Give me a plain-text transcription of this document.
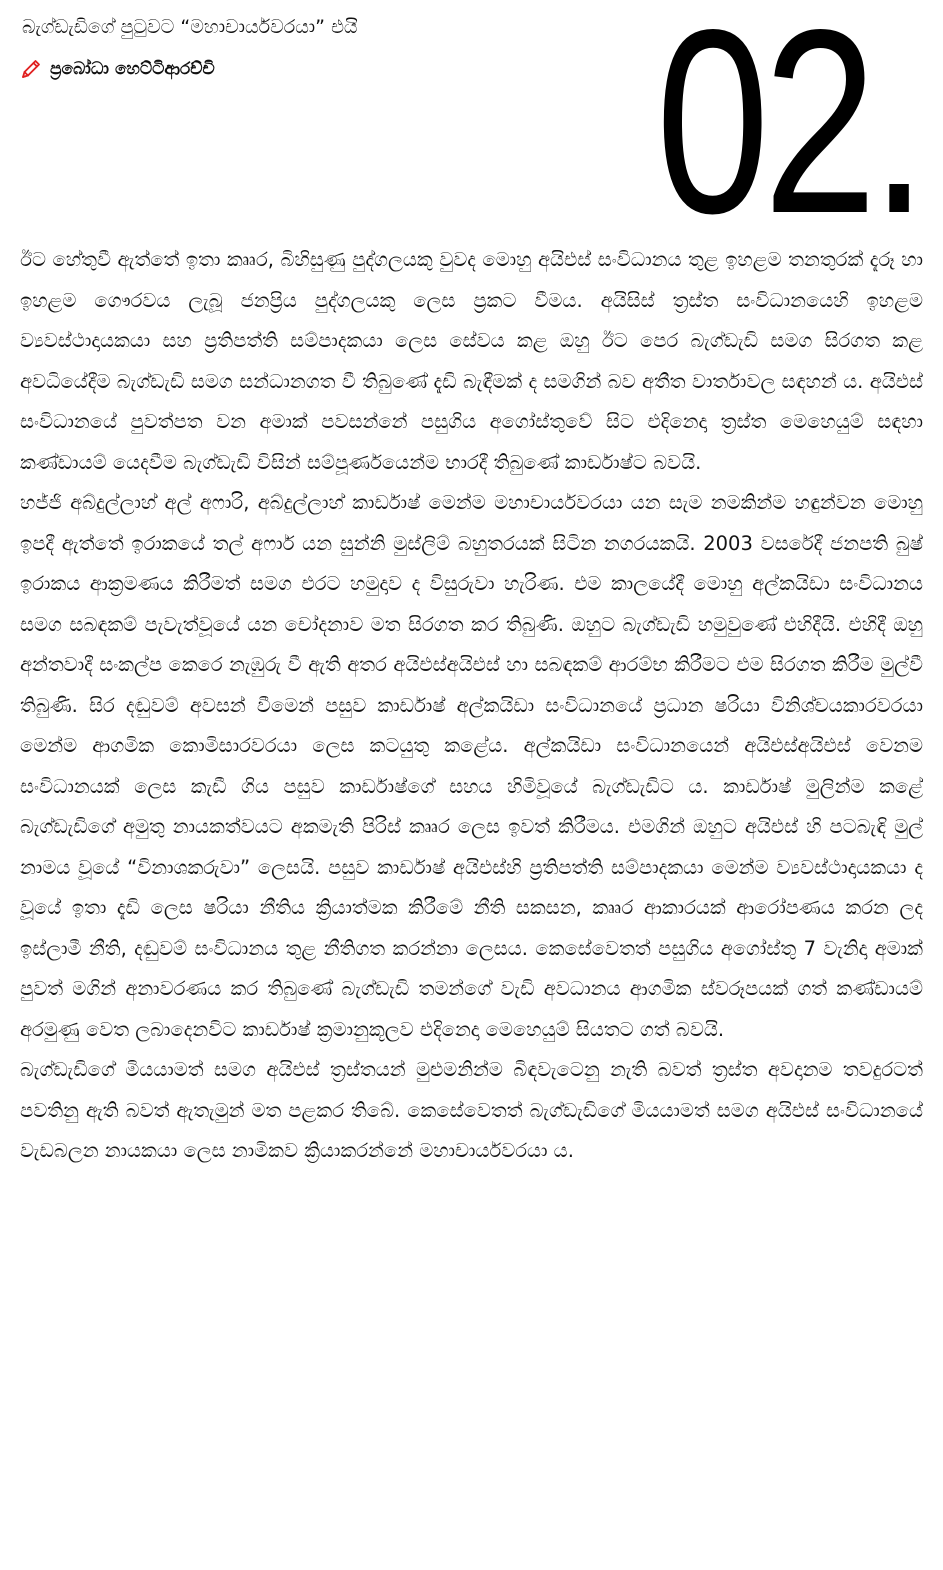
බැග්ඩැඩිගේ පුටුවට “මහාචාර්යවරයා” එයි
ප්‍රබෝධා හෙට්ටිආරච්චි 02.

ඊට හේතුවී ඇත්තේ ඉතා කෲර, බිහිසුණු පුද්ගලයකු වුවද මොහු අයිඑස් සංවිධානය තුළ ඉහළම තනතුරක් දැරූ හා ඉහළම ගෞරවය ලැබූ ජනප්‍රිය පුද්ගලයකු ලෙස ප්‍රකට වීමය. අයිසිස් ත්‍රස්ත සංවිධානයෙහි ඉහළම ව්‍යවස්ථාදායකයා සහ ප්‍රතිපත්ති සම්පාදකයා ලෙස සේවය කළ ඔහු ඊට පෙර බැග්ඩැඩි සමග සිරගත කළ අවධියේදීම බැග්ඩැඩි සමග සන්ධානගත වී තිබුණේ දැඩි බැඳීමක් ද සමගින් බව අතීත වාර්තාවල සඳහන් ය. අයිඑස් සංවිධානයේ පුවත්පත වන අමාක් පවසන්නේ පසුගිය අගෝස්තුවේ සිට එදිනෙදා ත්‍රස්ත මෙහෙයුම් සඳහා කණ්ඩායම් යෙදවීම බැග්ඩැඩි විසින් සම්පූර්ණයෙන්ම භාරදී තිබුණේ කාර්ඩාෂ්ට බවයි.

හජ්ජි අබ්දුල්ලාහ් අල් අෆාරි, අබ්දුල්ලාහ් කාර්ඩාෂ් මෙන්ම මහාචාර්යවරයා යන සැම නමකින්ම හඳුන්වන මොහු ඉපදී ඇත්තේ ඉරාකයේ තල් අෆාර් යන සුන්නි මුස්ලිම් බහුතරයක් සිටින නගරයකයි. 2003 වසරේදී ජනපති බුෂ් ඉරාකය ආක්‍රමණය කිරීමත් සමග එරට හමුදාව ද විසුරුවා හැරිණ. එම කාලයේදී මොහු අල්කයිඩා සංවිධානය සමග සබඳකම් පැවැත්වූයේ යන චෝදනාව මත සිරගත කර තිබුණි. ඔහුට බැග්ඩැඩි හමුවුණේ එහිදීයි. එහිදී ඔහු අන්තවාදී සංකල්ප කෙරෙ නැඹුරු වී ඇති අතර අයිඑස්අයිඑස් හා සබඳකම් ආරම්භ කිරීමට එම සිරගත කිරීම මුල්වී තිබුණි. සිර දඬුවම් අවසන් වීමෙන් පසුව කාර්ඩාෂ් අල්කයිඩා සංවිධානයේ ප්‍රධාන ෂරියා විනිශ්චයකාරවරයා මෙන්ම ආගමික කොමිසාරවරයා ලෙස කටයුතු කළේය. අල්කයිඩා සංවිධානයෙන් අයිඑස්අයිඑස් වෙනම සංවිධානයක් ලෙස කැඩී ගිය පසුව කාර්ඩාෂ්ගේ සහය හිමිවූයේ බැග්ඩැඩිට ය. කාර්ඩාෂ් මුලින්ම කළේ බැග්ඩැඩිගේ අමුතු නායකත්වයට අකමැති පිරිස් කෲර ලෙස ඉවත් කිරීමය. එමගින් ඔහුට අයිඑස් හි පටබැඳි මුල් නාමය වූයේ “විනාශකරුවා” ලෙසයි. පසුව කාර්ඩාෂ් අයිඑස්හි ප්‍රතිපත්ති සම්පාදකයා මෙන්ම ව්‍යවස්ථාදායකයා ද වූයේ ඉතා දැඩි ලෙස ෂරියා නීතිය ක්‍රියාත්මක කිරීමේ නීති සකසන, කෲර ආකාරයක් ආරෝපණය කරන ලද ඉස්ලාමී නීති, දඬුවම් සංවිධානය තුළ නීතිගත කරන්නා ලෙසය. කෙසේවෙතත් පසුගිය අගෝස්තු 7 වැනිදා අමාක් පුවත් මගින් අනාවරණය කර තිබුණේ බැග්ඩැඩි තමන්ගේ වැඩි අවධානය ආගමික ස්වරූපයක් ගත් කණ්ඩායම් අරමුණු වෙත ලබාදෙනවිට කාර්ඩාෂ් ක්‍රමානුකූලව එදිනෙදා මෙහෙයුම් සියතට ගත් බවයි.

බැග්ඩැඩිගේ මියයාමත් සමග අයිඑස් ත්‍රස්තයන් මුළුමනින්ම බිඳවැටෙනු නැති බවත් ත්‍රස්ත අවදානම තවදුරටත් පවතිනු ඇති බවත් ඇතැමුන් මත පළකර තිබේ. කෙසේවෙතත් බැග්ඩැඩිගේ මියයාමත් සමග අයිඑස් සංවිධානයේ වැඩබලන නායකයා ලෙස නාමිකව ක්‍රියාකරන්නේ මහාචාර්යවරයා ය.
